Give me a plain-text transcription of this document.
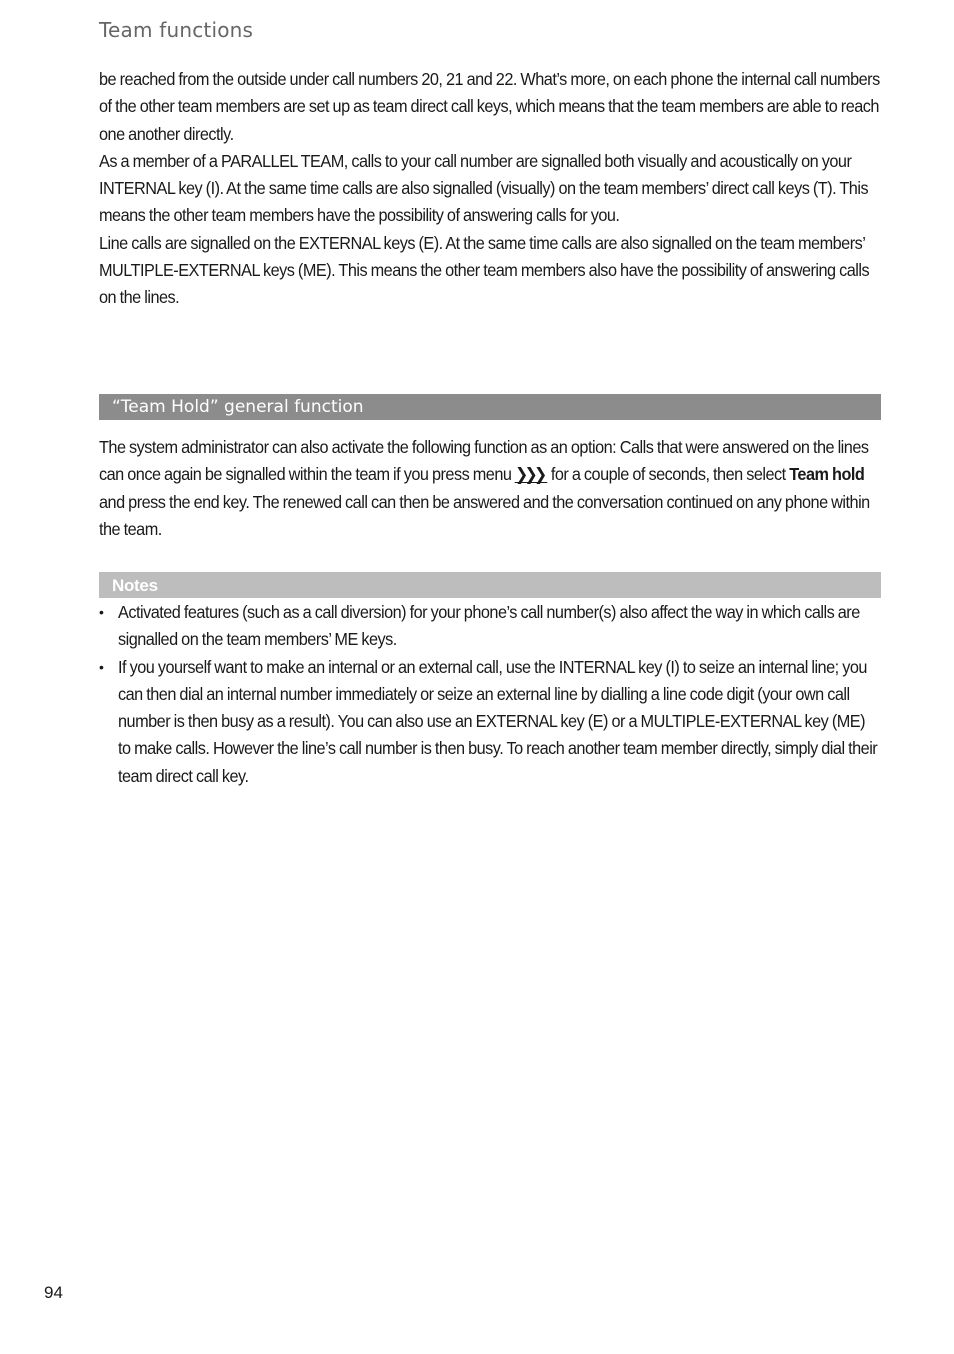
Team functions

be reached from the outside under call numbers 20, 21 and 22. What’s more, on each phone the internal call numbers of the other team members are set up as team direct call keys, which means that the team members are able to reach one another directly.

As a member of a PARALLEL TEAM, calls to your call number are signalled both visually and acoustically on your INTERNAL key (I). At the same time calls are also signalled (visually) on the team members’ direct call keys (T). This means the other team members have the possibility of answering calls for you.

Line calls are signalled on the EXTERNAL keys (E). At the same time calls are also signalled on the team members’ MULTIPLE-EXTERNAL keys (ME). This means the other team members also have the possibility of answering calls on the lines.

“Team Hold” general function

The system administrator can also activate the following function as an option: Calls that were answered on the lines can once again be signalled within the team if you press menu ❯❯❯ for a couple of seconds, then select Team hold and press the end key. The renewed call can then be answered and the conversation continued on any phone within the team.

Notes
• Activated features (such as a call diversion) for your phone’s call number(s) also affect the way in which calls are signalled on the team members’ ME keys.

• If you yourself want to make an internal or an external call, use the INTERNAL key (I) to seize an internal line; you can then dial an internal number immediately or seize an external line by dialling a line code digit (your own call number is then busy as a result). You can also use an EXTERNAL key (E) or a MULTIPLE-EXTERNAL key (ME) to make calls. However the line’s call number is then busy. To reach another team member directly, simply dial their team direct call key.

94
